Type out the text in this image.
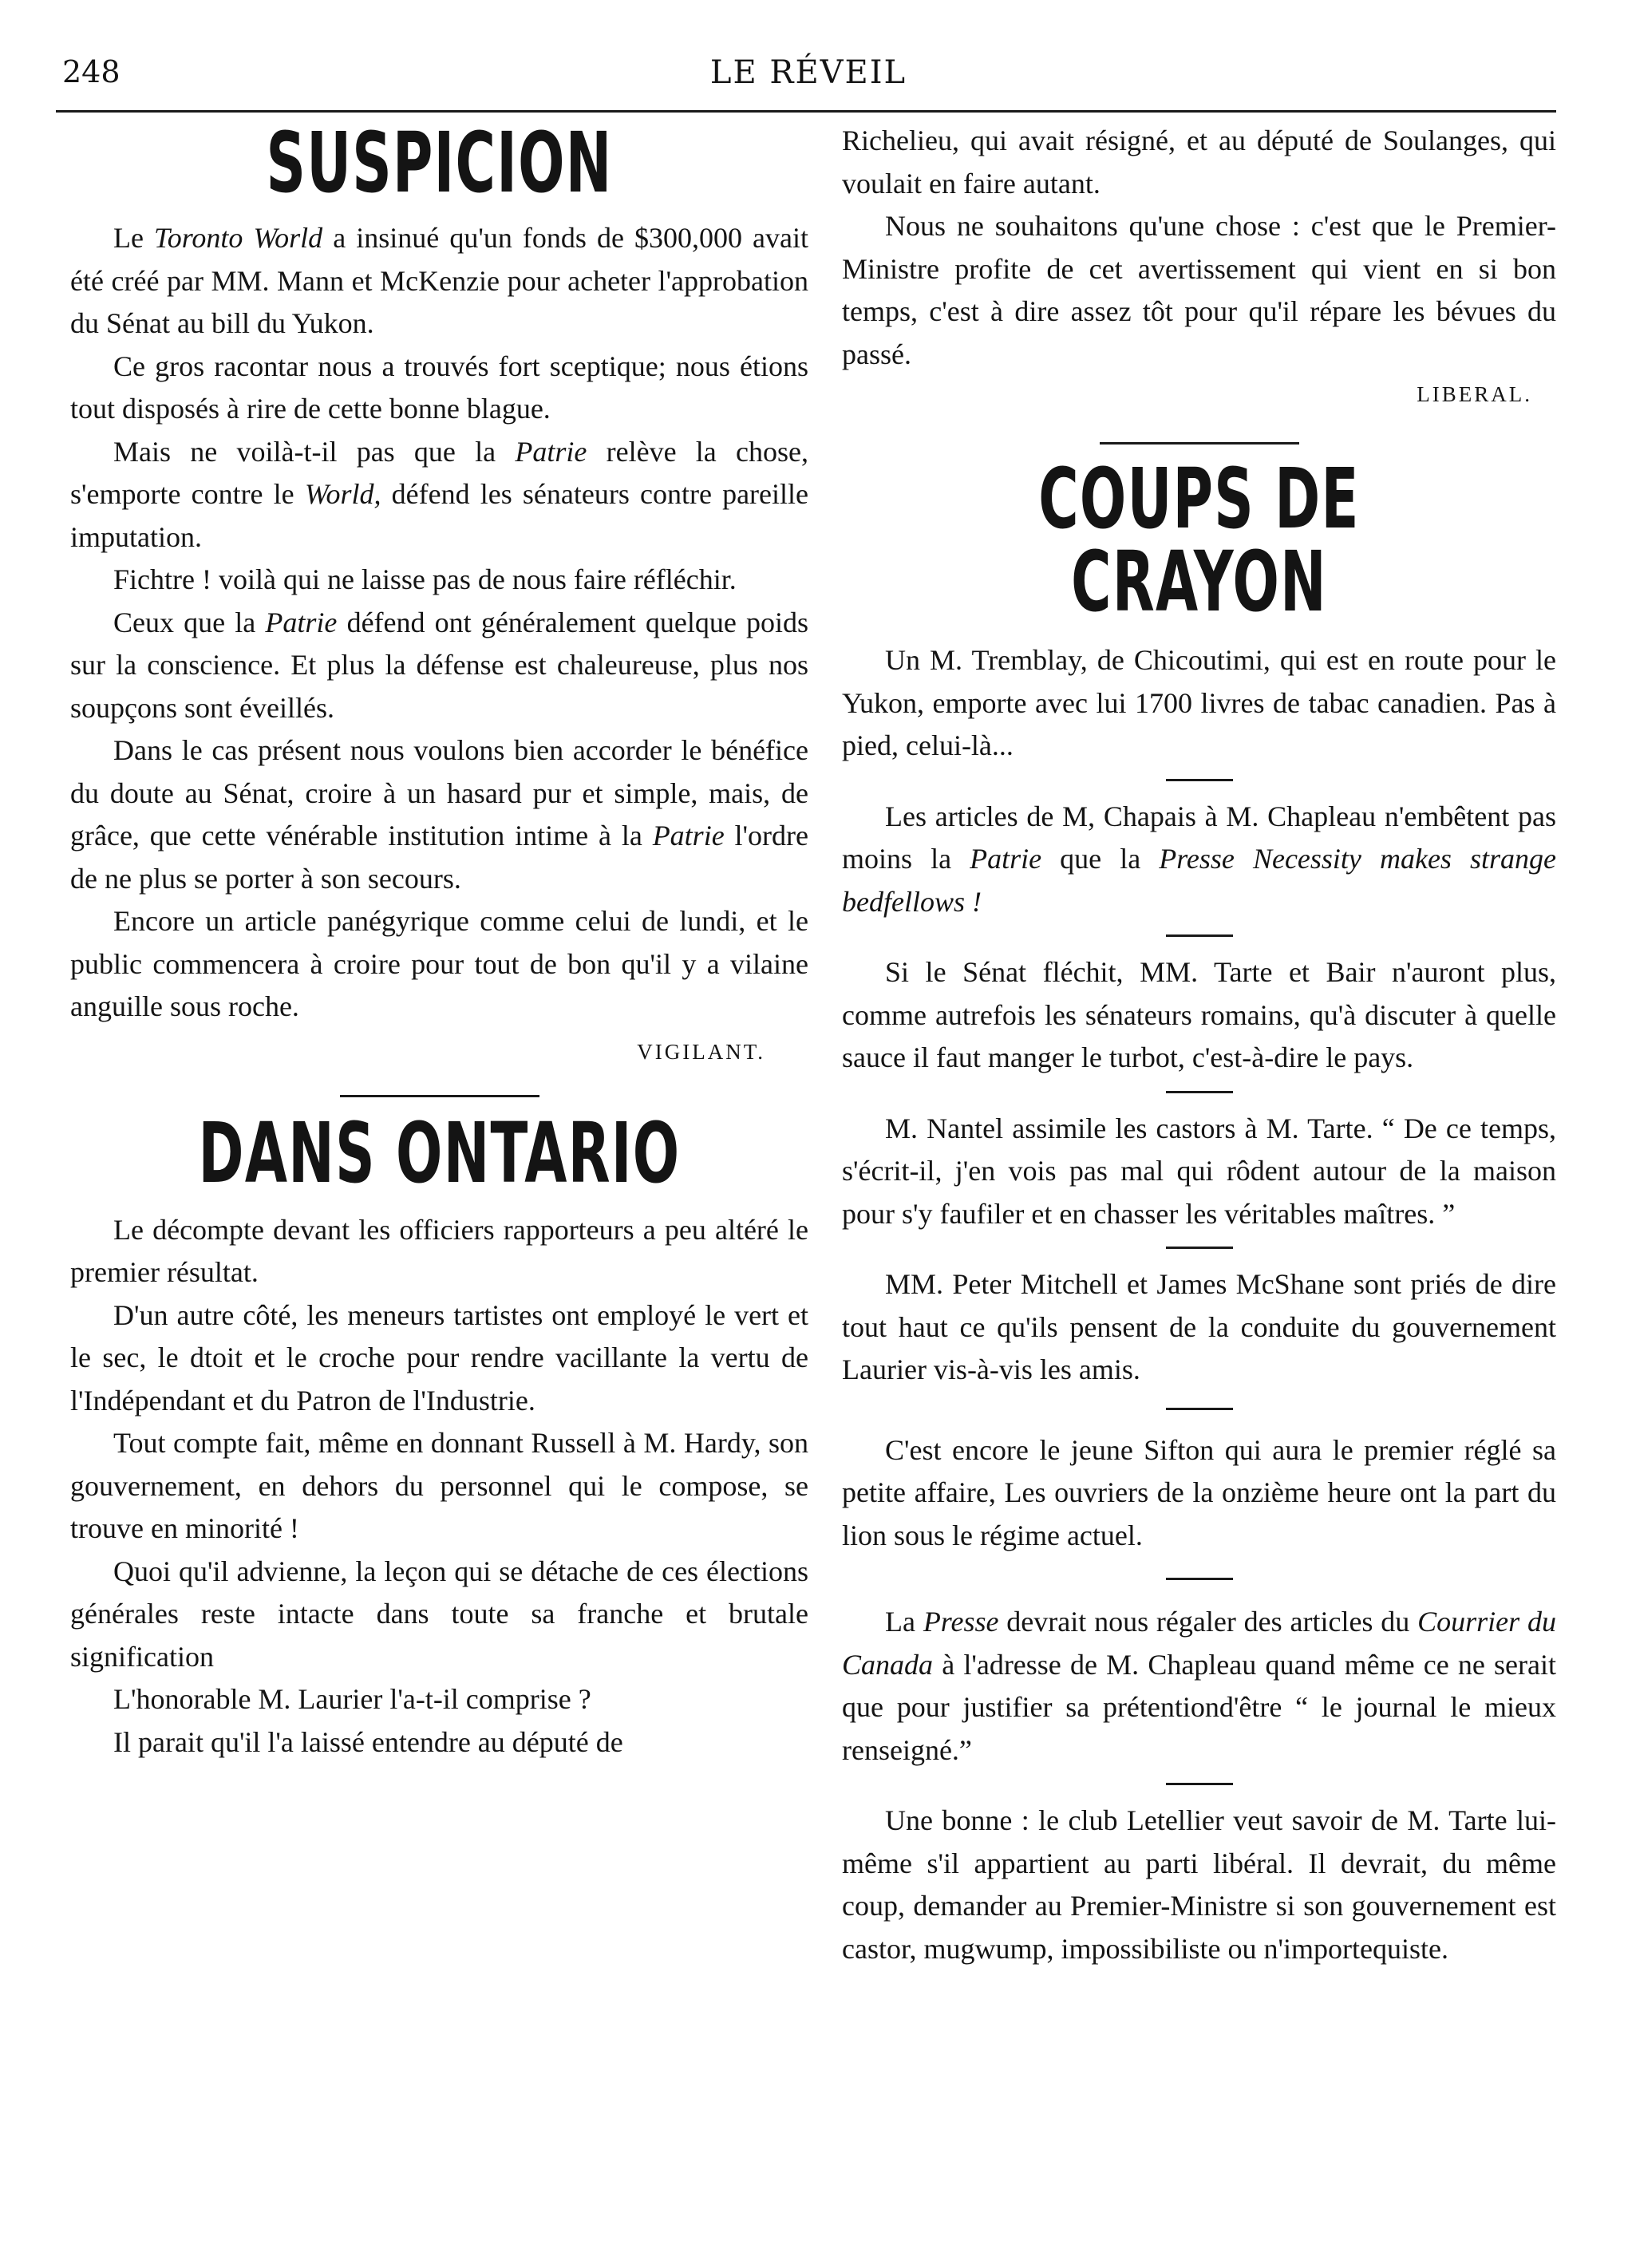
248	LE RÉVEIL
SUSPICION

Le Toronto World a insinué qu'un fonds de $300,000 avait été créé par MM. Mann et McKenzie pour acheter l'approbation du Sénat au bill du Yukon.

Ce gros racontar nous a trouvés fort sceptique; nous étions tout disposés à rire de cette bonne blague.

Mais ne voilà-t-il pas que la Patrie relève la chose, s'emporte contre le World, défend les sénateurs contre pareille imputation.

Fichtre ! voilà qui ne laisse pas de nous faire réfléchir.

Ceux que la Patrie défend ont généralement quelque poids sur la conscience. Et plus la défense est chaleureuse, plus nos soupçons sont éveillés.

Dans le cas présent nous voulons bien accorder le bénéfice du doute au Sénat, croire à un hasard pur et simple, mais, de grâce, que cette vénérable institution intime à la Patrie l'ordre de ne plus se porter à son secours.

Encore un article panégyrique comme celui de lundi, et le public commencera à croire pour tout de bon qu'il y a vilaine anguille sous roche.

VIGILANT.

DANS ONTARIO

Le décompte devant les officiers rapporteurs a peu altéré le premier résultat.

D'un autre côté, les meneurs tartistes ont employé le vert et le sec, le dtoit et le croche pour rendre vacillante la vertu de l'Indépendant et du Patron de l'Industrie.

Tout compte fait, même en donnant Russell à M. Hardy, son gouvernement, en dehors du personnel qui le compose, se trouve en minorité !

Quoi qu'il advienne, la leçon qui se détache de ces élections générales reste intacte dans toute sa franche et brutale signification

L'honorable M. Laurier l'a-t-il comprise ?

Il parait qu'il l'a laissé entendre au député de

Richelieu, qui avait résigné, et au député de Soulanges, qui voulait en faire autant.

Nous ne souhaitons qu'une chose : c'est que le Premier-Ministre profite de cet avertissement qui vient en si bon temps, c'est à dire assez tôt pour qu'il répare les bévues du passé.

LIBERAL.

COUPS DE CRAYON

Un M. Tremblay, de Chicoutimi, qui est en route pour le Yukon, emporte avec lui 1700 livres de tabac canadien. Pas à pied, celui-là...

Les articles de M, Chapais à M. Chapleau n'embêtent pas moins la Patrie que la Presse Necessity makes strange bedfellows !

Si le Sénat fléchit, MM. Tarte et Bair n'auront plus, comme autrefois les sénateurs romains, qu'à discuter à quelle sauce il faut manger le turbot, c'est-à-dire le pays.

M. Nantel assimile les castors à M. Tarte. “ De ce temps, s'écrit-il, j'en vois pas mal qui rôdent autour de la maison pour s'y faufiler et en chasser les véritables maîtres. ”

MM. Peter Mitchell et James McShane sont priés de dire tout haut ce qu'ils pensent de la conduite du gouvernement Laurier vis-à-vis les amis.

C'est encore le jeune Sifton qui aura le premier réglé sa petite affaire, Les ouvriers de la onzième heure ont la part du lion sous le régime actuel.

La Presse devrait nous régaler des articles du Courrier du Canada à l'adresse de M. Chapleau quand même ce ne serait que pour justifier sa prétentiond'être “ le journal le mieux renseigné.”

Une bonne : le club Letellier veut savoir de M. Tarte lui-même s'il appartient au parti libéral. Il devrait, du même coup, demander au Premier-Ministre si son gouvernement est castor, mugwump, impossibiliste ou n'importequiste.
